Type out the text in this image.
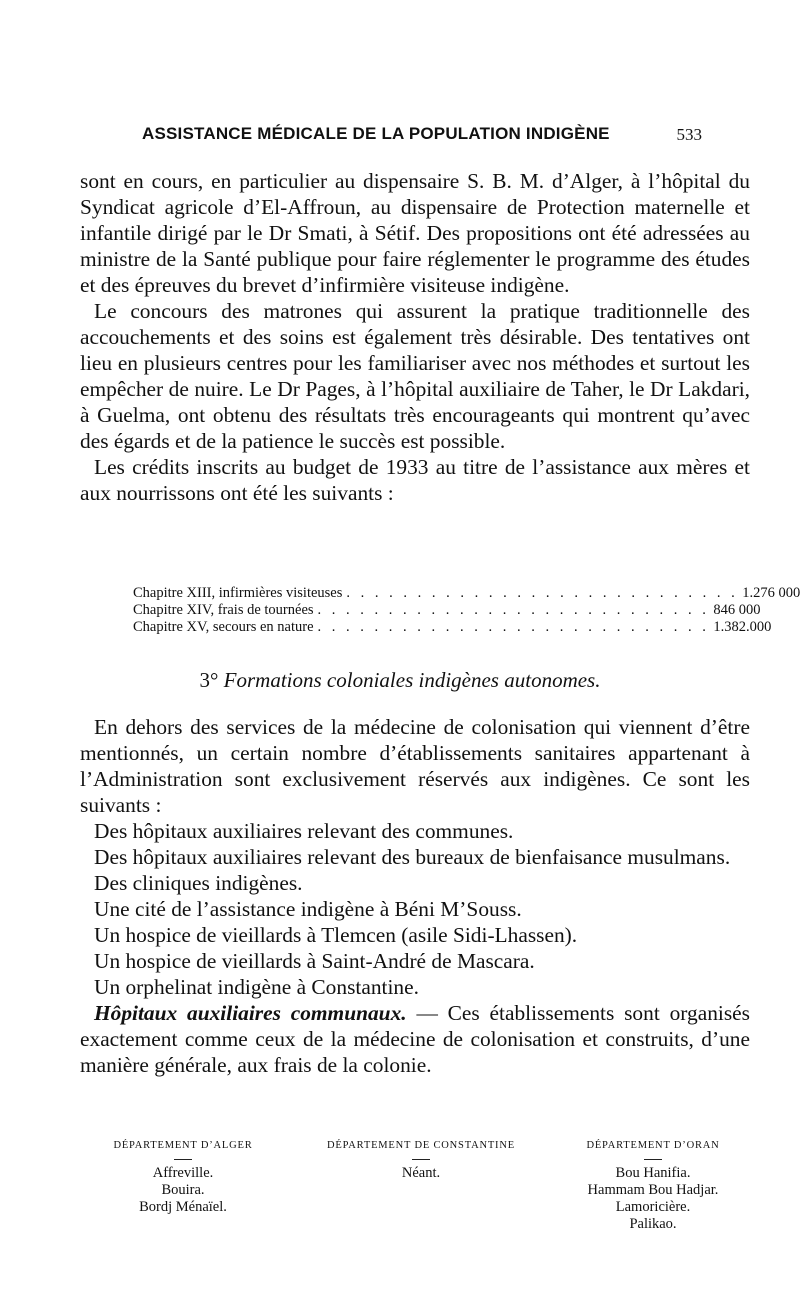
ASSISTANCE MÉDICALE DE LA POPULATION INDIGÈNE	533

sont en cours, en particulier au dispensaire S. B. M. d’Alger, à l’hôpital du Syndicat agricole d’El-Affroun, au dispensaire de Protection maternelle et infantile dirigé par le Dr Smati, à Sétif. Des propositions ont été adressées au ministre de la Santé publique pour faire réglementer le programme des études et des épreuves du brevet d’infirmière visiteuse indigène.

Le concours des matrones qui assurent la pratique traditionnelle des accouchements et des soins est également très désirable. Des tentatives ont lieu en plusieurs centres pour les familiariser avec nos méthodes et surtout les empêcher de nuire. Le Dr Pages, à l’hôpital auxiliaire de Taher, le Dr Lakdari, à Guelma, ont obtenu des résultats très encourageants qui montrent qu’avec des égards et de la patience le succès est possible.

Les crédits inscrits au budget de 1933 au titre de l’assistance aux mères et aux nourrissons ont été les suivants :

Chapitre XIII, infirmières visiteuses . . . . . . . . . . . . . . . . . . . . . . . . . . . . 1.276 000
Chapitre XIV, frais de tournées . . . . . . . . . . . . . . . . . . . . . . . . . . . . 846 000
Chapitre XV, secours en nature . . . . . . . . . . . . . . . . . . . . . . . . . . . . 1.382.000
3° Formations coloniales indigènes autonomes.

En dehors des services de la médecine de colonisation qui viennent d’être mentionnés, un certain nombre d’établissements sanitaires appartenant à l’Administration sont exclusivement réservés aux indigènes. Ce sont les suivants :

Des hôpitaux auxiliaires relevant des communes.

Des hôpitaux auxiliaires relevant des bureaux de bienfaisance musulmans.

Des cliniques indigènes.

Une cité de l’assistance indigène à Béni M’Souss.

Un hospice de vieillards à Tlemcen (asile Sidi-Lhassen).

Un hospice de vieillards à Saint-André de Mascara.

Un orphelinat indigène à Constantine.

Hôpitaux auxiliaires communaux. — Ces établissements sont organisés exactement comme ceux de la médecine de colonisation et construits, d’une manière générale, aux frais de la colonie.

DÉPARTEMENT D’ALGER
Affreville.
Bouira.
Bordj Ménaïel.
DÉPARTEMENT DE CONSTANTINE
Néant.
DÉPARTEMENT D’ORAN
Bou Hanifia.
Hammam Bou Hadjar.
Lamoricière.
Palikao.
